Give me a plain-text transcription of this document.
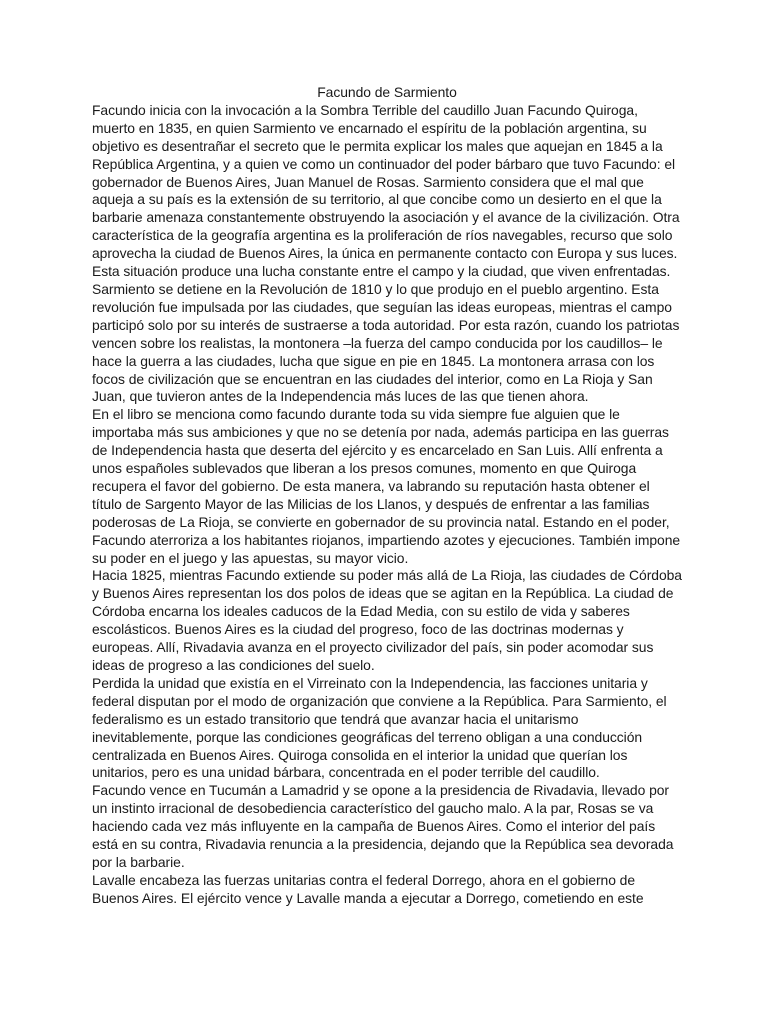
Facundo de Sarmiento

Facundo inicia con la invocación a la Sombra Terrible del caudillo Juan Facundo Quiroga, muerto en 1835, en quien Sarmiento ve encarnado el espíritu de la población argentina, su objetivo es desentrañar el secreto que le permita explicar los males que aquejan en 1845 a la República Argentina, y a quien ve como un continuador del poder bárbaro que tuvo Facundo: el gobernador de Buenos Aires, Juan Manuel de Rosas. Sarmiento considera que el mal que aqueja a su país es la extensión de su territorio, al que concibe como un desierto en el que la barbarie amenaza constantemente obstruyendo la asociación y el avance de la civilización. Otra característica de la geografía argentina es la proliferación de ríos navegables, recurso que solo aprovecha la ciudad de Buenos Aires, la única en permanente contacto con Europa y sus luces. Esta situación produce una lucha constante entre el campo y la ciudad, que viven enfrentadas.

Sarmiento se detiene en la Revolución de 1810 y lo que produjo en el pueblo argentino. Esta revolución fue impulsada por las ciudades, que seguían las ideas europeas, mientras el campo participó solo por su interés de sustraerse a toda autoridad. Por esta razón, cuando los patriotas vencen sobre los realistas, la montonera –la fuerza del campo conducida por los caudillos– le hace la guerra a las ciudades, lucha que sigue en pie en 1845. La montonera arrasa con los focos de civilización que se encuentran en las ciudades del interior, como en La Rioja y San Juan, que tuvieron antes de la Independencia más luces de las que tienen ahora.

En el libro se menciona como facundo durante toda su vida siempre fue alguien que le importaba más sus ambiciones y que no se detenía por nada, además participa en las guerras de Independencia hasta que deserta del ejército y es encarcelado en San Luis. Allí enfrenta a unos españoles sublevados que liberan a los presos comunes, momento en que Quiroga recupera el favor del gobierno. De esta manera, va labrando su reputación hasta obtener el título de Sargento Mayor de las Milicias de los Llanos, y después de enfrentar a las familias poderosas de La Rioja, se convierte en gobernador de su provincia natal. Estando en el poder, Facundo aterroriza a los habitantes riojanos, impartiendo azotes y ejecuciones. También impone su poder en el juego y las apuestas, su mayor vicio.

Hacia 1825, mientras Facundo extiende su poder más allá de La Rioja, las ciudades de Córdoba y Buenos Aires representan los dos polos de ideas que se agitan en la República. La ciudad de Córdoba encarna los ideales caducos de la Edad Media, con su estilo de vida y saberes escolásticos. Buenos Aires es la ciudad del progreso, foco de las doctrinas modernas y europeas. Allí, Rivadavia avanza en el proyecto civilizador del país, sin poder acomodar sus ideas de progreso a las condiciones del suelo.

Perdida la unidad que existía en el Virreinato con la Independencia, las facciones unitaria y federal disputan por el modo de organización que conviene a la República. Para Sarmiento, el federalismo es un estado transitorio que tendrá que avanzar hacia el unitarismo inevitablemente, porque las condiciones geográficas del terreno obligan a una conducción centralizada en Buenos Aires. Quiroga consolida en el interior la unidad que querían los unitarios, pero es una unidad bárbara, concentrada en el poder terrible del caudillo.

Facundo vence en Tucumán a Lamadrid y se opone a la presidencia de Rivadavia, llevado por un instinto irracional de desobediencia característico del gaucho malo. A la par, Rosas se va haciendo cada vez más influyente en la campaña de Buenos Aires. Como el interior del país está en su contra, Rivadavia renuncia a la presidencia, dejando que la República sea devorada por la barbarie.

Lavalle encabeza las fuerzas unitarias contra el federal Dorrego, ahora en el gobierno de Buenos Aires. El ejército vence y Lavalle manda a ejecutar a Dorrego, cometiendo en este
